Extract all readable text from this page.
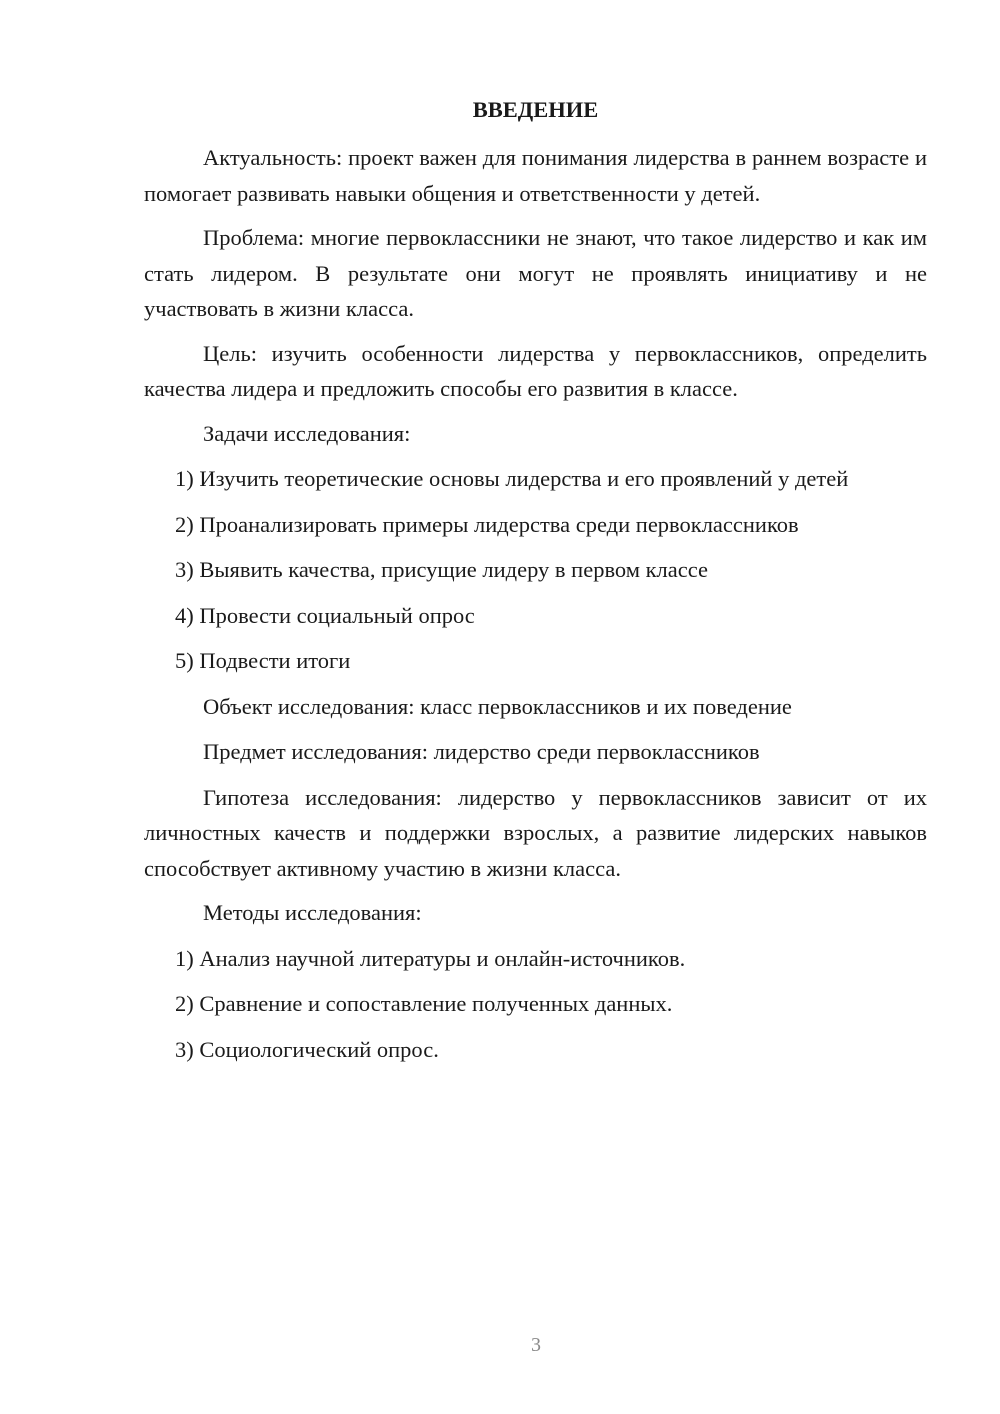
ВВЕДЕНИЕ
Актуальность: проект важен для понимания лидерства в раннем возрасте и помогает развивать навыки общения и ответственности у детей.
Проблема: многие первоклассники не знают, что такое лидерство и как им стать лидером. В результате они могут не проявлять инициативу и не участвовать в жизни класса.
Цель: изучить особенности лидерства у первоклассников, определить качества лидера и предложить способы его развития в классе.
Задачи исследования:
1) Изучить теоретические основы лидерства и его проявлений у детей
2) Проанализировать примеры лидерства среди первоклассников
3) Выявить качества, присущие лидеру в первом классе
4) Провести социальный опрос
5) Подвести итоги
Объект исследования: класс первоклассников и их поведение
Предмет исследования: лидерство среди первоклассников
Гипотеза исследования: лидерство у первоклассников зависит от их личностных качеств и поддержки взрослых, а развитие лидерских навыков способствует активному участию в жизни класса.
Методы исследования:
1) Анализ научной литературы и онлайн-источников.
2) Сравнение и сопоставление полученных данных.
3) Социологический опрос.
3
